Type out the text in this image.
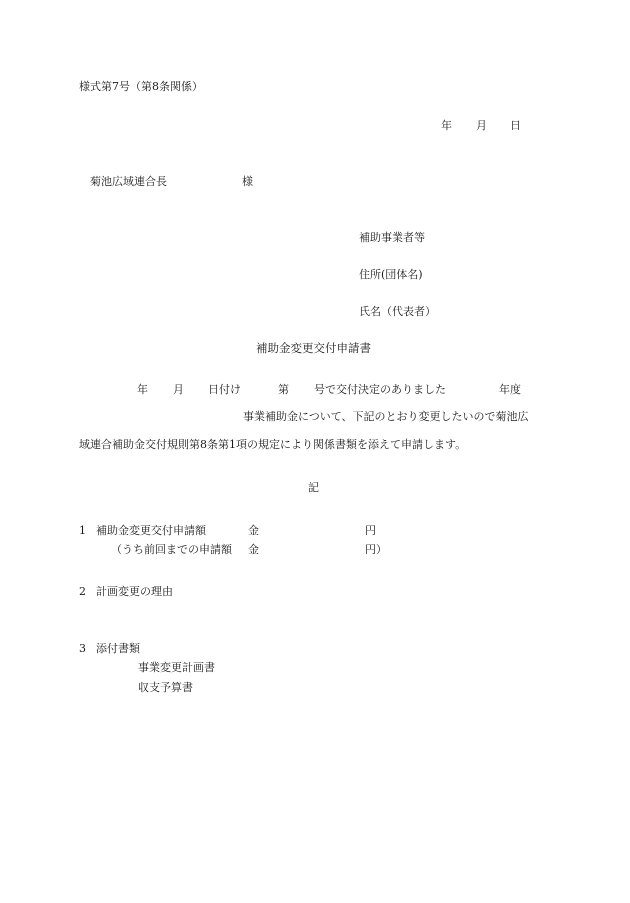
様式第7号（第8条関係）
年 月 日
菊池広域連合長	様
補助事業者等
住所(団体名)
氏名（代表者）
補助金変更交付申請書
年 月 日付け	第 号で交付決定のありました	年度
事業補助金について、下記のとおり変更したいので菊池広
域連合補助金交付規則第8条第1項の規定により関係書類を添えて申請します。
記
1 補助金変更交付申請額	金	円
（うち前回までの申請額 金	円）
2 計画変更の理由
3 添付書類
事業変更計画書
収支予算書
